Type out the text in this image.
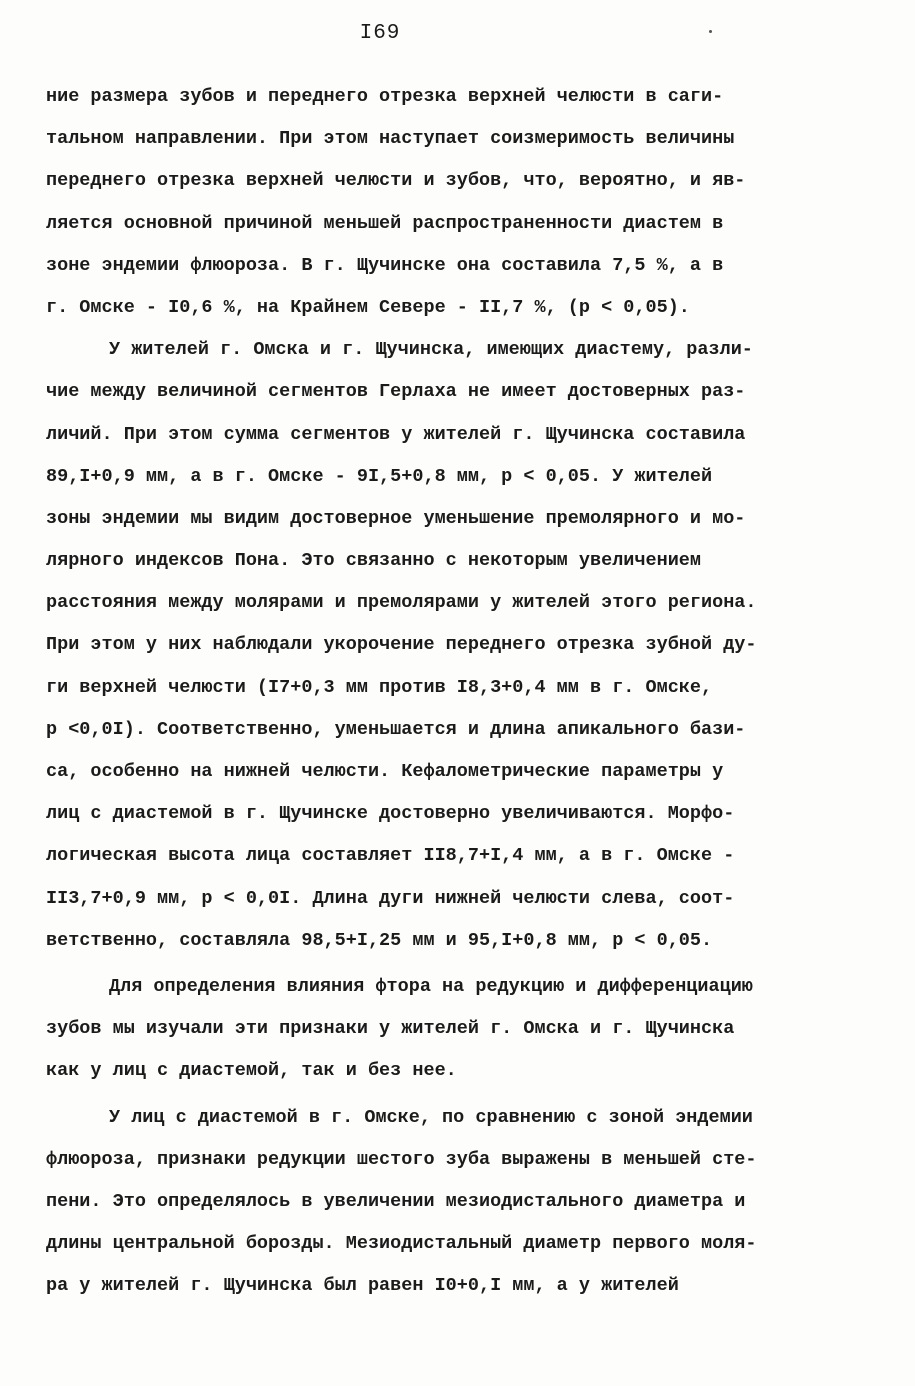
I69
ние размера зубов и переднего отрезка верхней челюсти в саги-
тальном направлении. При этом наступает соизмеримость величины
переднего отрезка верхней челюсти и зубов, что, вероятно, и яв-
ляется основной причиной меньшей распространенности диастем в
зоне эндемии флюороза. В г. Щучинске она составила 7,5 %, а в
г. Омске - I0,6 %, на Крайнем Севере - II,7 %, (р < 0,05).
У жителей г. Омска и г. Щучинска, имеющих диастему, разли-
чие между величиной сегментов Герлаха не имеет достоверных раз-
личий. При этом сумма сегментов у жителей г. Щучинска составила
89,I+0,9 мм, а в г. Омске - 9I,5+0,8 мм, р < 0,05. У жителей
зоны эндемии мы видим достоверное уменьшение премолярного и мо-
лярного индексов Пона. Это связанно с некоторым увеличением
расстояния между молярами и премолярами у жителей этого региона.
При этом у них наблюдали укорочение переднего отрезка зубной ду-
ги верхней челюсти (I7+0,3 мм против I8,3+0,4 мм в г. Омске,
р <0,0I). Соответственно, уменьшается и длина апикального бази-
са, особенно на нижней челюсти. Кефалометрические параметры у
лиц с диастемой в г. Щучинске достоверно увеличиваются. Морфо-
логическая высота лица составляет II8,7+I,4 мм, а в г. Омске -
II3,7+0,9 мм, р < 0,0I. Длина дуги нижней челюсти слева, соот-
ветственно, составляла 98,5+I,25 мм и 95,I+0,8 мм, р < 0,05.
Для определения влияния фтора на редукцию и дифференциацию
зубов мы изучали эти признаки у жителей г. Омска и г. Щучинска
как у лиц с диастемой, так и без нее.
У лиц с диастемой в г. Омске, по сравнению с зоной эндемии
флюороза, признаки редукции шестого зуба выражены в меньшей сте-
пени. Это определялось в увеличении мезиодистального диаметра и
длины центральной борозды. Мезиодистальный диаметр первого моля-
ра у жителей г. Щучинска был равен I0+0,I мм, а у жителей
